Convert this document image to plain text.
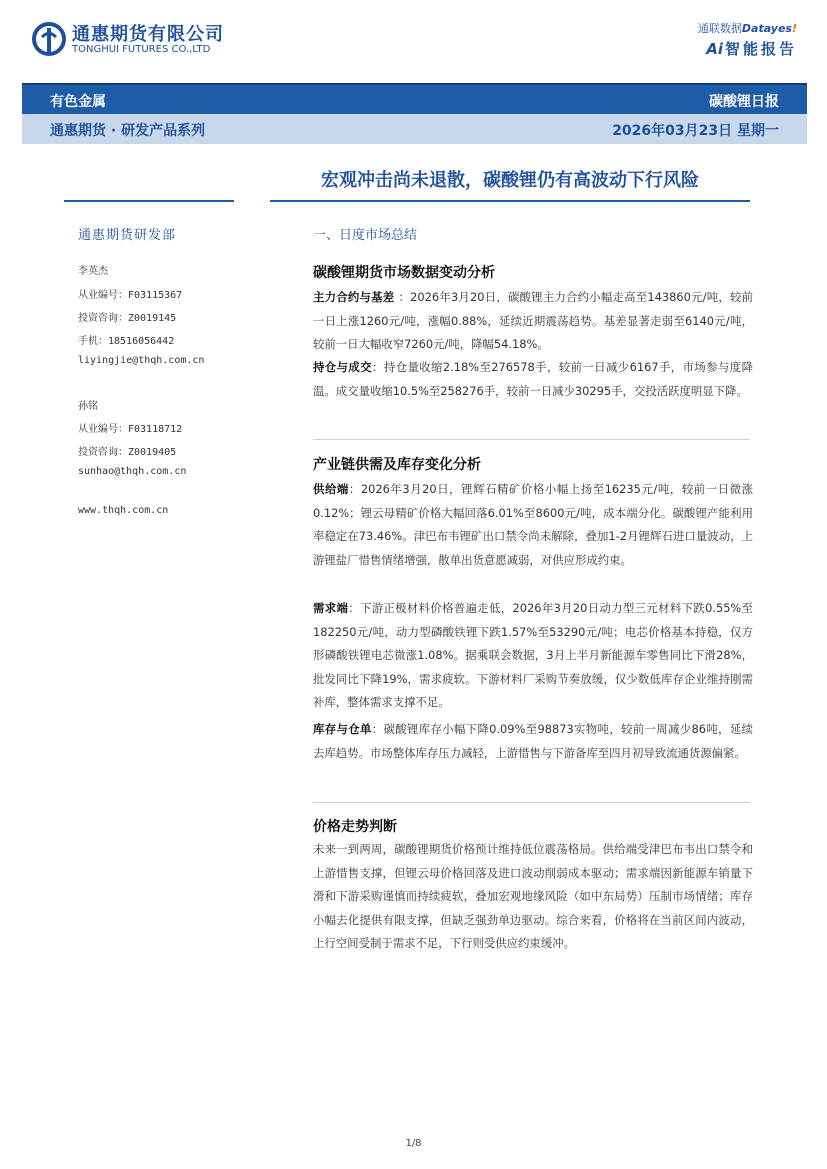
通惠期货有限公司
TONGHUI FUTURES CO.,LTD
通联数据Datayes!
Ai 智能报告
有色金属	碳酸锂日报
通惠期货 · 研发产品系列	2026年03月23日 星期一
宏观冲击尚未退散，碳酸锂仍有高波动下行风险
通惠期货研发部
李英杰
从业编号：F03115367
投资咨询：Z0019145
手机：18516056442
liyingjie@thqh.com.cn
孙铭
从业编号：F03118712
投资咨询：Z0019405
sunhao@thqh.com.cn
www.thqh.com.cn
一、日度市场总结
碳酸锂期货市场数据变动分析
主力合约与基差 ：2026年3月20日，碳酸锂主力合约小幅走高至143860元/吨，较前一日上涨1260元/吨，涨幅0.88%，延续近期震荡趋势。基差显著走弱至6140元/吨，较前一日大幅收窄7260元/吨，降幅54.18%。
持仓与成交：持仓量收缩2.18%至276578手，较前一日减少6167手，市场参与度降温。成交量收缩10.5%至258276手，较前一日减少30295手，交投活跃度明显下降。
产业链供需及库存变化分析
供给端：2026年3月20日，锂辉石精矿价格小幅上扬至16235元/吨，较前一日微涨0.12%；锂云母精矿价格大幅回落6.01%至8600元/吨，成本端分化。碳酸锂产能利用率稳定在73.46%。津巴布韦锂矿出口禁令尚未解除，叠加1-2月锂辉石进口量波动，上游锂盐厂惜售情绪增强，散单出货意愿减弱，对供应形成约束。
需求端：下游正极材料价格普遍走低，2026年3月20日动力型三元材料下跌0.55%至182250元/吨，动力型磷酸铁锂下跌1.57%至53290元/吨；电芯价格基本持稳，仅方形磷酸铁锂电芯微涨1.08%。据乘联会数据，3月上半月新能源车零售同比下滑28%，批发同比下降19%，需求疲软。下游材料厂采购节奏放缓，仅少数低库存企业维持刚需补库，整体需求支撑不足。
库存与仓单：碳酸锂库存小幅下降0.09%至98873实物吨，较前一周减少86吨，延续去库趋势。市场整体库存压力减轻，上游惜售与下游备库至四月初导致流通货源偏紧。
价格走势判断
未来一到两周，碳酸锂期货价格预计维持低位震荡格局。供给端受津巴布韦出口禁令和上游惜售支撑，但锂云母价格回落及进口波动削弱成本驱动；需求端因新能源车销量下滑和下游采购谨慎而持续疲软，叠加宏观地缘风险（如中东局势）压制市场情绪；库存小幅去化提供有限支撑，但缺乏强劲单边驱动。综合来看，价格将在当前区间内波动，上行空间受制于需求不足，下行则受供应约束缓冲。
1/8
